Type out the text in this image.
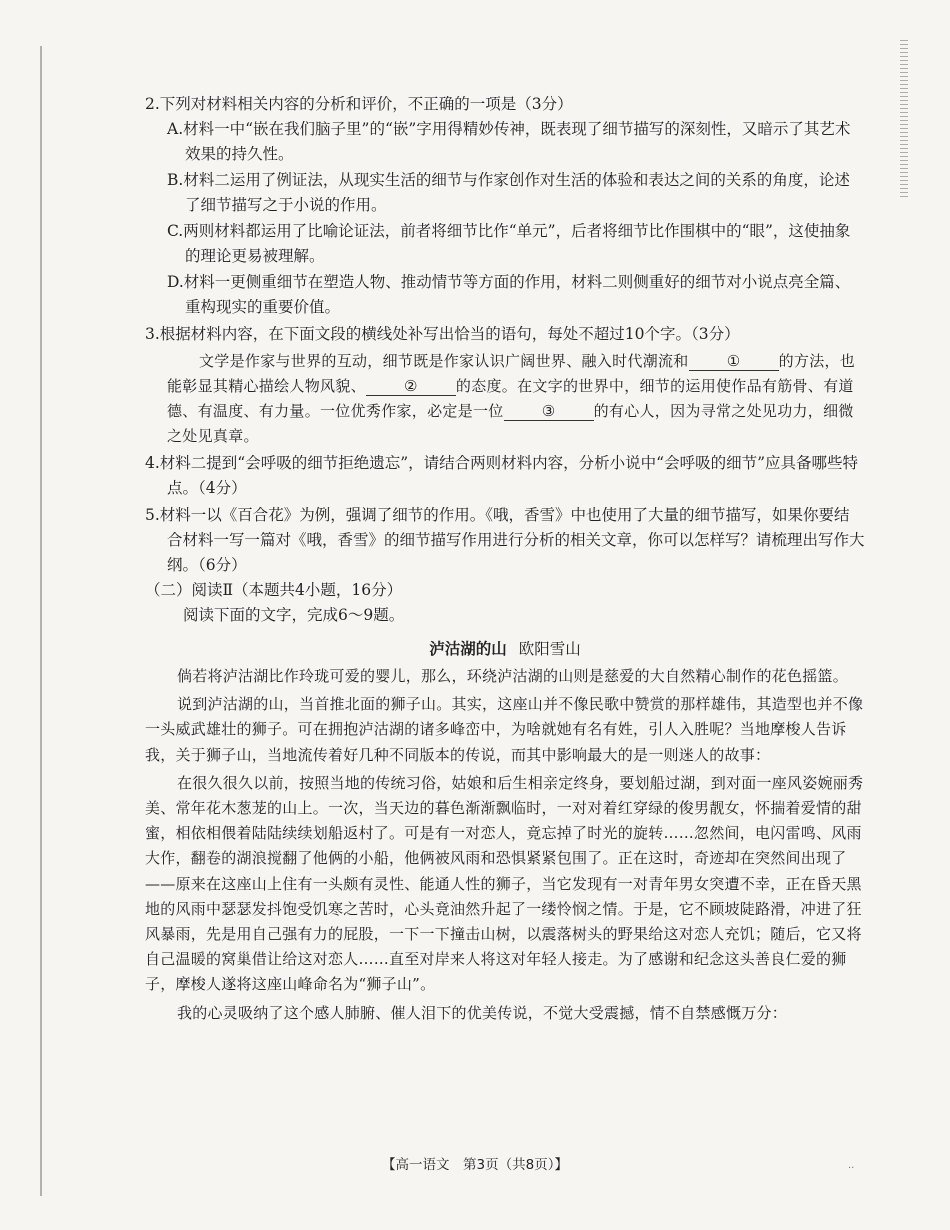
2.下列对材料相关内容的分析和评价，不正确的一项是（3分）

A.材料一中“嵌在我们脑子里”的“嵌”字用得精妙传神，既表现了细节描写的深刻性，又暗示了其艺术效果的持久性。

B.材料二运用了例证法，从现实生活的细节与作家创作对生活的体验和表达之间的关系的角度，论述了细节描写之于小说的作用。

C.两则材料都运用了比喻论证法，前者将细节比作“单元”，后者将细节比作围棋中的“眼”，这使抽象的理论更易被理解。

D.材料一更侧重细节在塑造人物、推动情节等方面的作用，材料二则侧重好的细节对小说点亮全篇、重构现实的重要价值。

3.根据材料内容，在下面文段的横线处补写出恰当的语句，每处不超过10个字。（3分）

文学是作家与世界的互动，细节既是作家认识广阔世界、融入时代潮流和	①	的方法，也能彰显其精心描绘人物风貌、	②	的态度。在文字的世界中，细节的运用使作品有筋骨、有道德、有温度、有力量。一位优秀作家，必定是一位	③	的有心人，因为寻常之处见功力，细微之处见真章。

4.材料二提到“会呼吸的细节拒绝遗忘”，请结合两则材料内容，分析小说中“会呼吸的细节”应具备哪些特点。（4分）

5.材料一以《百合花》为例，强调了细节的作用。《哦，香雪》中也使用了大量的细节描写，如果你要结合材料一写一篇对《哦，香雪》的细节描写作用进行分析的相关文章，你可以怎样写？请梳理出写作大纲。（6分）

（二）阅读Ⅱ（本题共4小题，16分）

阅读下面的文字，完成6～9题。

泸沽湖的山 欧阳雪山

倘若将泸沽湖比作玲珑可爱的婴儿，那么，环绕泸沽湖的山则是慈爱的大自然精心制作的花色摇篮。

说到泸沽湖的山，当首推北面的狮子山。其实，这座山并不像民歌中赞赏的那样雄伟，其造型也并不像一头威武雄壮的狮子。可在拥抱泸沽湖的诸多峰峦中，为啥就她有名有姓，引人入胜呢？当地摩梭人告诉我，关于狮子山，当地流传着好几种不同版本的传说，而其中影响最大的是一则迷人的故事：

在很久很久以前，按照当地的传统习俗，姑娘和后生相亲定终身，要划船过湖，到对面一座风姿婉丽秀美、常年花木葱茏的山上。一次，当天边的暮色渐渐飘临时，一对对着红穿绿的俊男靓女，怀揣着爱情的甜蜜，相依相偎着陆陆续续划船返村了。可是有一对恋人，竟忘掉了时光的旋转……忽然间，电闪雷鸣、风雨大作，翻卷的湖浪搅翻了他俩的小船，他俩被风雨和恐惧紧紧包围了。正在这时，奇迹却在突然间出现了——原来在这座山上住有一头颇有灵性、能通人性的狮子，当它发现有一对青年男女突遭不幸，正在昏天黑地的风雨中瑟瑟发抖饱受饥寒之苦时，心头竟油然升起了一缕怜悯之情。于是，它不顾坡陡路滑，冲进了狂风暴雨，先是用自己强有力的屁股，一下一下撞击山树，以震落树头的野果给这对恋人充饥；随后，它又将自己温暖的窝巢借让给这对恋人……直至对岸来人将这对年轻人接走。为了感谢和纪念这头善良仁爱的狮子，摩梭人遂将这座山峰命名为“狮子山”。

我的心灵吸纳了这个感人肺腑、催人泪下的优美传说，不觉大受震撼，情不自禁感慨万分：

【高一语文　第3页（共8页）】	··
